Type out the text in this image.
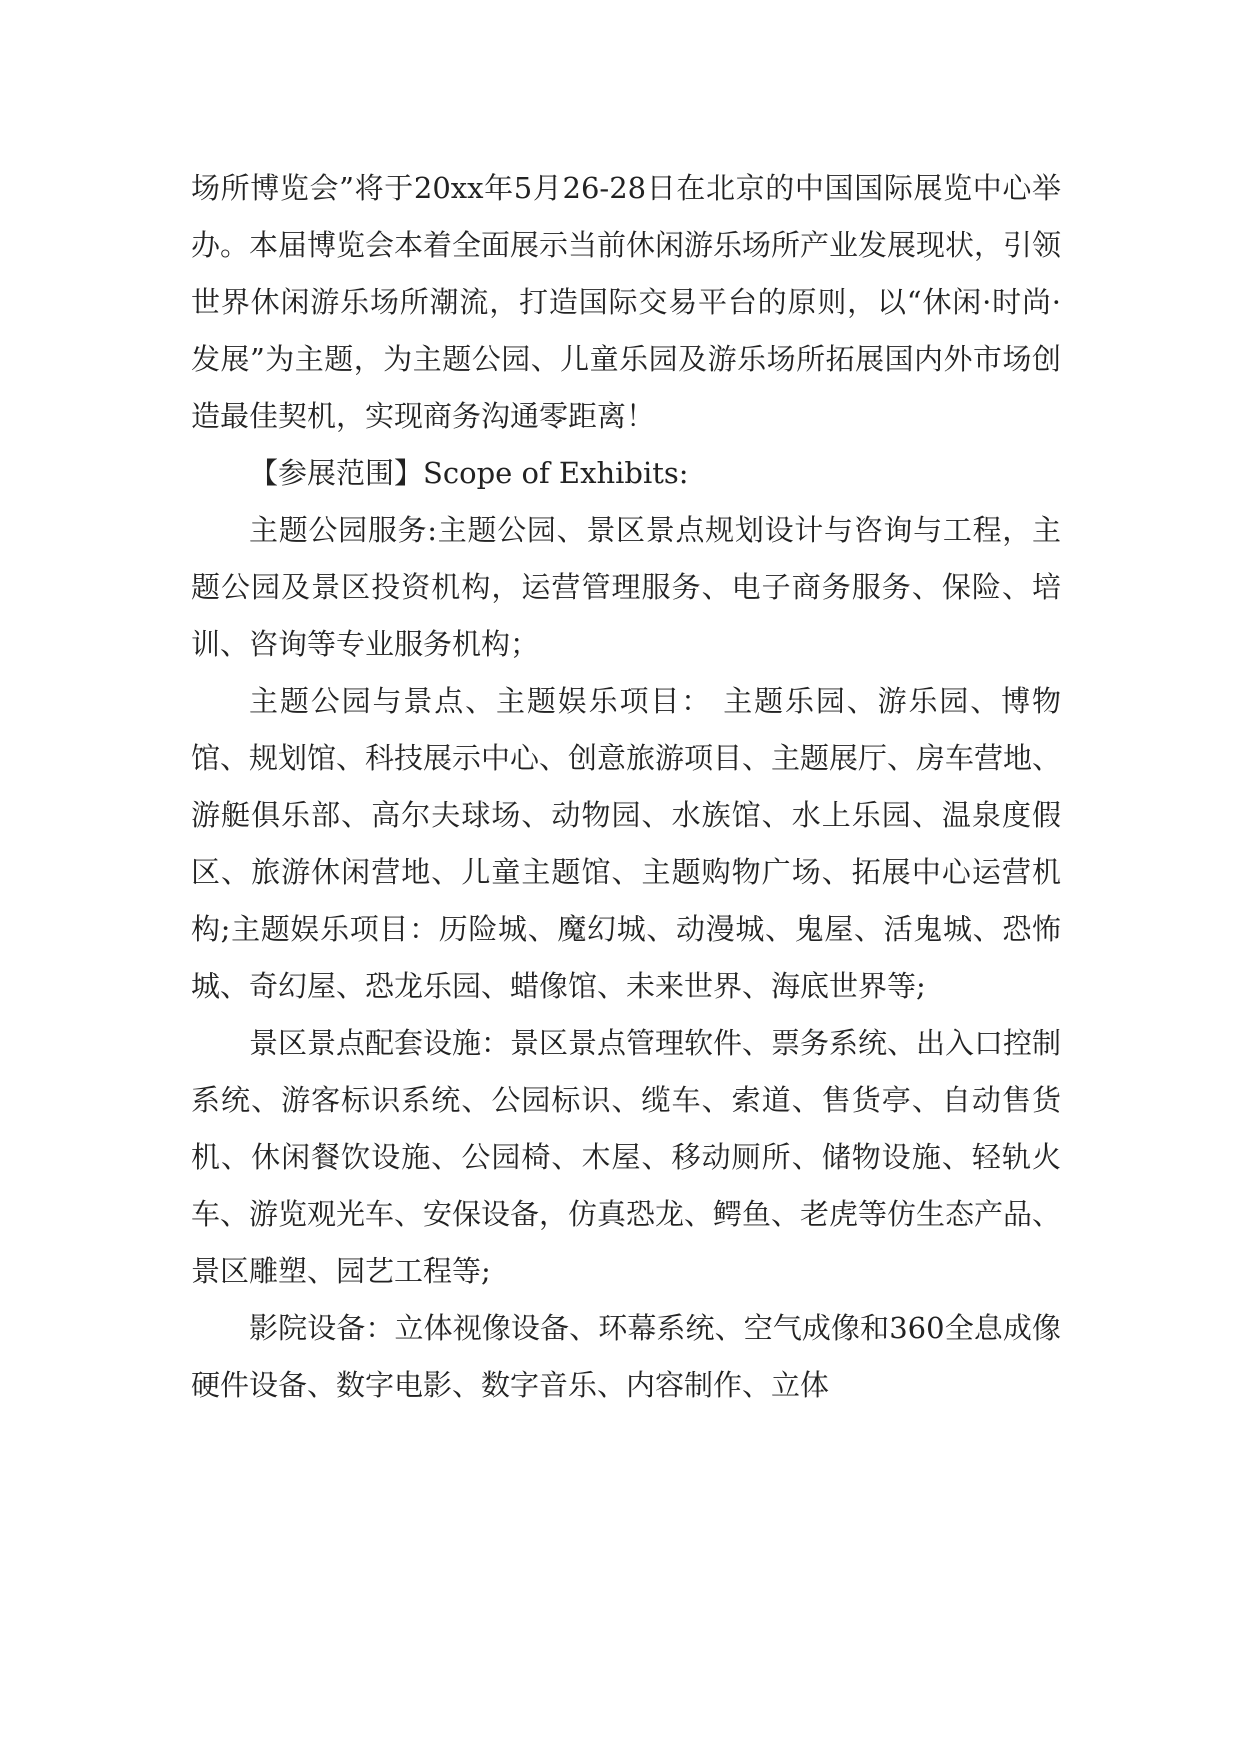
场所博览会”将于20xx年5月26-28日在北京的中国国际展览中心举办。本届博览会本着全面展示当前休闲游乐场所产业发展现状，引领世界休闲游乐场所潮流，打造国际交易平台的原则，以“休闲·时尚·发展”为主题，为主题公园、儿童乐园及游乐场所拓展国内外市场创造最佳契机，实现商务沟通零距离！

【参展范围】Scope of Exhibits:

主题公园服务:主题公园、景区景点规划设计与咨询与工程，主题公园及景区投资机构，运营管理服务、电子商务服务、保险、培训、咨询等专业服务机构；

主题公园与景点、主题娱乐项目： 主题乐园、游乐园、博物馆、规划馆、科技展示中心、创意旅游项目、主题展厅、房车营地、游艇俱乐部、高尔夫球场、动物园、水族馆、水上乐园、温泉度假区、旅游休闲营地、儿童主题馆、主题购物广场、拓展中心运营机构;主题娱乐项目：历险城、魔幻城、动漫城、鬼屋、活鬼城、恐怖城、奇幻屋、恐龙乐园、蜡像馆、未来世界、海底世界等;

景区景点配套设施：景区景点管理软件、票务系统、出入口控制系统、游客标识系统、公园标识、缆车、索道、售货亭、自动售货机、休闲餐饮设施、公园椅、木屋、移动厕所、储物设施、轻轨火车、游览观光车、安保设备，仿真恐龙、鳄鱼、老虎等仿生态产品、景区雕塑、园艺工程等;

影院设备：立体视像设备、环幕系统、空气成像和360全息成像硬件设备、数字电影、数字音乐、内容制作、立体
